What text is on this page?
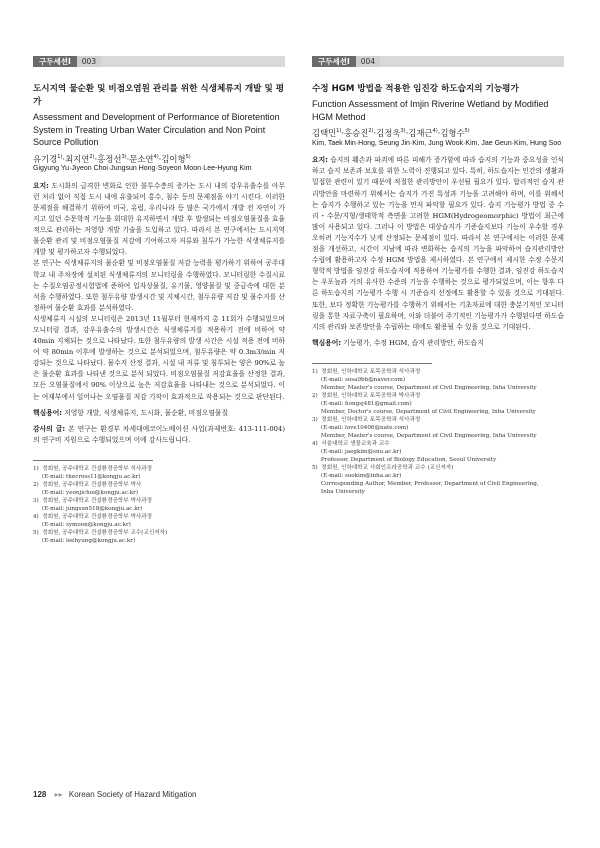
구두세션Ⅰ	003

도시지역 물순환 및 비점오염원 관리를 위한 식생체류지 개발 및 평가

Assessment and Development of Performance of Bioretention System in Treating Urban Water Circulation and Non Point Source Pollution

유기경$^{1)}$·최지연$^{2)}$·홍정선$^{3)}$·문소연$^{4)}$·김이형$^{5)}$
Gigyung Yu·Jiyeon Choi·Jungsun Hong·Soyeon Moon·Lee-Hyung Kim

요지: 도시화의 급격한 변화로 인한 불투수층의 증가는 도시 내의 강우유출수를 아무런 처리 없이 직접 도시 내에 유출되어 홍수, 침수 등의 문제점을 야기 시킨다. 이러한 문제점을 해결하기 위하여 미국, 유럽, 우리나라 등 많은 국가에서 개발 전 자연이 가지고 있던 수문학적 기능을 회대한 유지하면서 개발 후 발생되는 비점오염물질을 효율적으로 관리하는 저영향 개발 기술을 도입하고 있다. 따라서 본 연구에서는 도시지역 물순환 관리 및 비점오염물질 저감에 기여하고자 저류와 침투가 가능한 식생체류지를 개발 및 평가하고자 수행되었다.

본 연구는 식생체류지의 물순환 및 비점오염물질 저감 능력을 평가하기 위하여 공주대학교 내 주차장에 설치된 식생체류지의 모니터링을 수행하였다. 모니터링한 수질시료는 수질오염공정시험법에 준하여 입자상물질, 유기물, 영양물질 및 중금속에 대한 분석을 수행하였다. 또한 첨두유량 발생시간 및 지체시간, 첨두유량 저감 및 물수지를 산정하여 물순환 효과를 분석하였다.

식생체류지 시설의 모니터링은 2013년 11월부터 현재까지 총 11회가 수행되었으며 모니터링 결과, 강우유출수의 발생시간은 식생체류지를 적용하기 전에 비하여 약 40min 지체되는 것으로 나타났다. 또한 첨두유량의 발생 시간은 시설 적용 전에 비하여 약 80min 이후에 발생하는 것으로 분석되었으며, 첨두유량은 약 0.3m3/min 저감되는 것으로 나타났다. 물수지 산정 결과, 시설 내 저류 및 침투되는 양은 90%로 높은 물순환 효과를 나타낸 것으로 분석 되었다. 비점오염물질 저감효율을 산정한 결과, 모든 오염물질에서 90% 이상으로 높은 저감효율을 나타내는 것으로 분석되었다. 이는 여재부에서 일어나는 오염물질 저감 기작이 효과적으로 작용되는 것으로 판단된다.

핵심용어: 저영향 개발, 식생체류지, 도시화, 물순환, 비점오염물질

감사의 글: 본 연구는 환경부 차세대에코이노베이션 사업(과제번호: 413-111-004)의 연구비 지원으로 수행되었으며 이에 감사드립니다.

1)  정회원, 공주대학교 건설환경공학부 석사과정
(E-mail: thecross11@kongju.ac.kr)
2)  정회원, 공주대학교 건설환경공학부 박사
(E-mail: yeonjichoi@kongju.ac.kr)
3)  정회원, 공주대학교 건설환경공학부 박사과정
(E-mail: jungsun518@kongju.ac.kr)
4)  정회원, 공주대학교 건설환경공학부 박사과정
(E-mail: symoon@kongju.ac.kr)
5)  정회원, 공주대학교 건설환경공학부 교수(교신저자)
(E-mail: leehyung@kongju.ac.kr)
구두세션Ⅰ	004

수정 HGM 방법을 적용한 임진강 하도습지의 기능평가

Function Assessment of Imjin Riverine Wetland by Modified HGM Method

김택민$^{1)}$·홍승진$^{2)}$·김정욱$^{3)}$·김재근$^{4)}$·김형수$^{5)}$
Kim, Taek Min·Hong, Seung Jin·Kim, Jung Wook·Kim, Jae Geun·Kim, Hung Soo

요지: 습지의 훼손과 파괴에 따른 피해가 증가함에 따라 습지의 기능과 중요성을 인식하고 습지 보존과 보호를 위한 노력이 진행되고 있다. 특히, 하도습지는 인간의 생활과 밀접한 관련이 있기 때문에 적절한 관리방안이 우선될 필요가 있다. 합리적인 습지 관리방안을 마련하기 위해서는 습지가 가진 특성과 기능을 고려해야 하며, 이를 위해서는 습지가 수행하고 있는 기능을 먼저 파악할 필요가 있다. 습지 기능평가 방법 중 수리・수문/지형/생태학적 측면을 고려한 HGM(Hydrogeomorphic) 방법이 최근에 많이 사용되고 있다. 그러나 이 방법은 대상습지가 기준습지보다 기능이 우수할 경우 오히려 기능지수가 낮게 산정되는 문제점이 있다. 따라서 본 연구에서는 이러한 문제점을 개선하고, 시간이 지남에 따라 변화하는 습지의 기능을 파악하여 습지관리방안 수립에 활용하고자 수정 HGM 방법을 제시하였다. 본 연구에서 제시한 수정 수문지형학적 방법을 임진강 하도습지에 적용하여 기능평가를 수행한 결과, 임진강 하도습지는 우포늪과 거의 유사한 수준의 기능을 수행하는 것으로 평가되었으며, 이는 향후 다른 하도습지의 기능평가 수행 시 기준습지 선정에도 활용할 수 있을 것으로 기대된다. 또한, 보다 정확한 기능평가를 수행하기 위해서는 기초자료에 대한 충분기적인 모니터링을 통한 자료구축이 필요하며, 이와 더불어 주기적인 기능평가가 수행된다면 하도습지의 관리와 보존방안을 수립하는 데에도 활용될 수 있을 것으로 기대된다.

핵심용어: 기능평가, 수정 HGM, 습지 관리방안, 하도습지

1)  정회원, 인하대학교 토목공학과 석사과정
(E-mail: sosa9bb@naver.com)
Member, Master's course, Department of Civil Engineering, Inha University
2)  정회원, 인하대학교 토목공학과 박사과정
(E-mail: hongsj481@gmail.com)
Member, Doctor's course, Department of Civil Engineering, Inha University
3)  정회원, 인하대학교 토목공학과 석사과정
(E-mail: love10406@nate.com)
Member, Master's course, Department of Civil Engineering, Inha University
4)  서울대학교 생물교육과 교수
(E-mail: jaegkim@snu.ac.kr)
Professor, Department of Biology Education, Seoul University
5)  정회원, 인하대학교 사회인프라공학과 교수 (교신저자)
(E-mail: sookim@inha.ac.kr)
Corresponding Author, Member, Professor, Department of Civil Engineering,
Inha University
128 ▸▸ Korean Society of Hazard Mitigation
